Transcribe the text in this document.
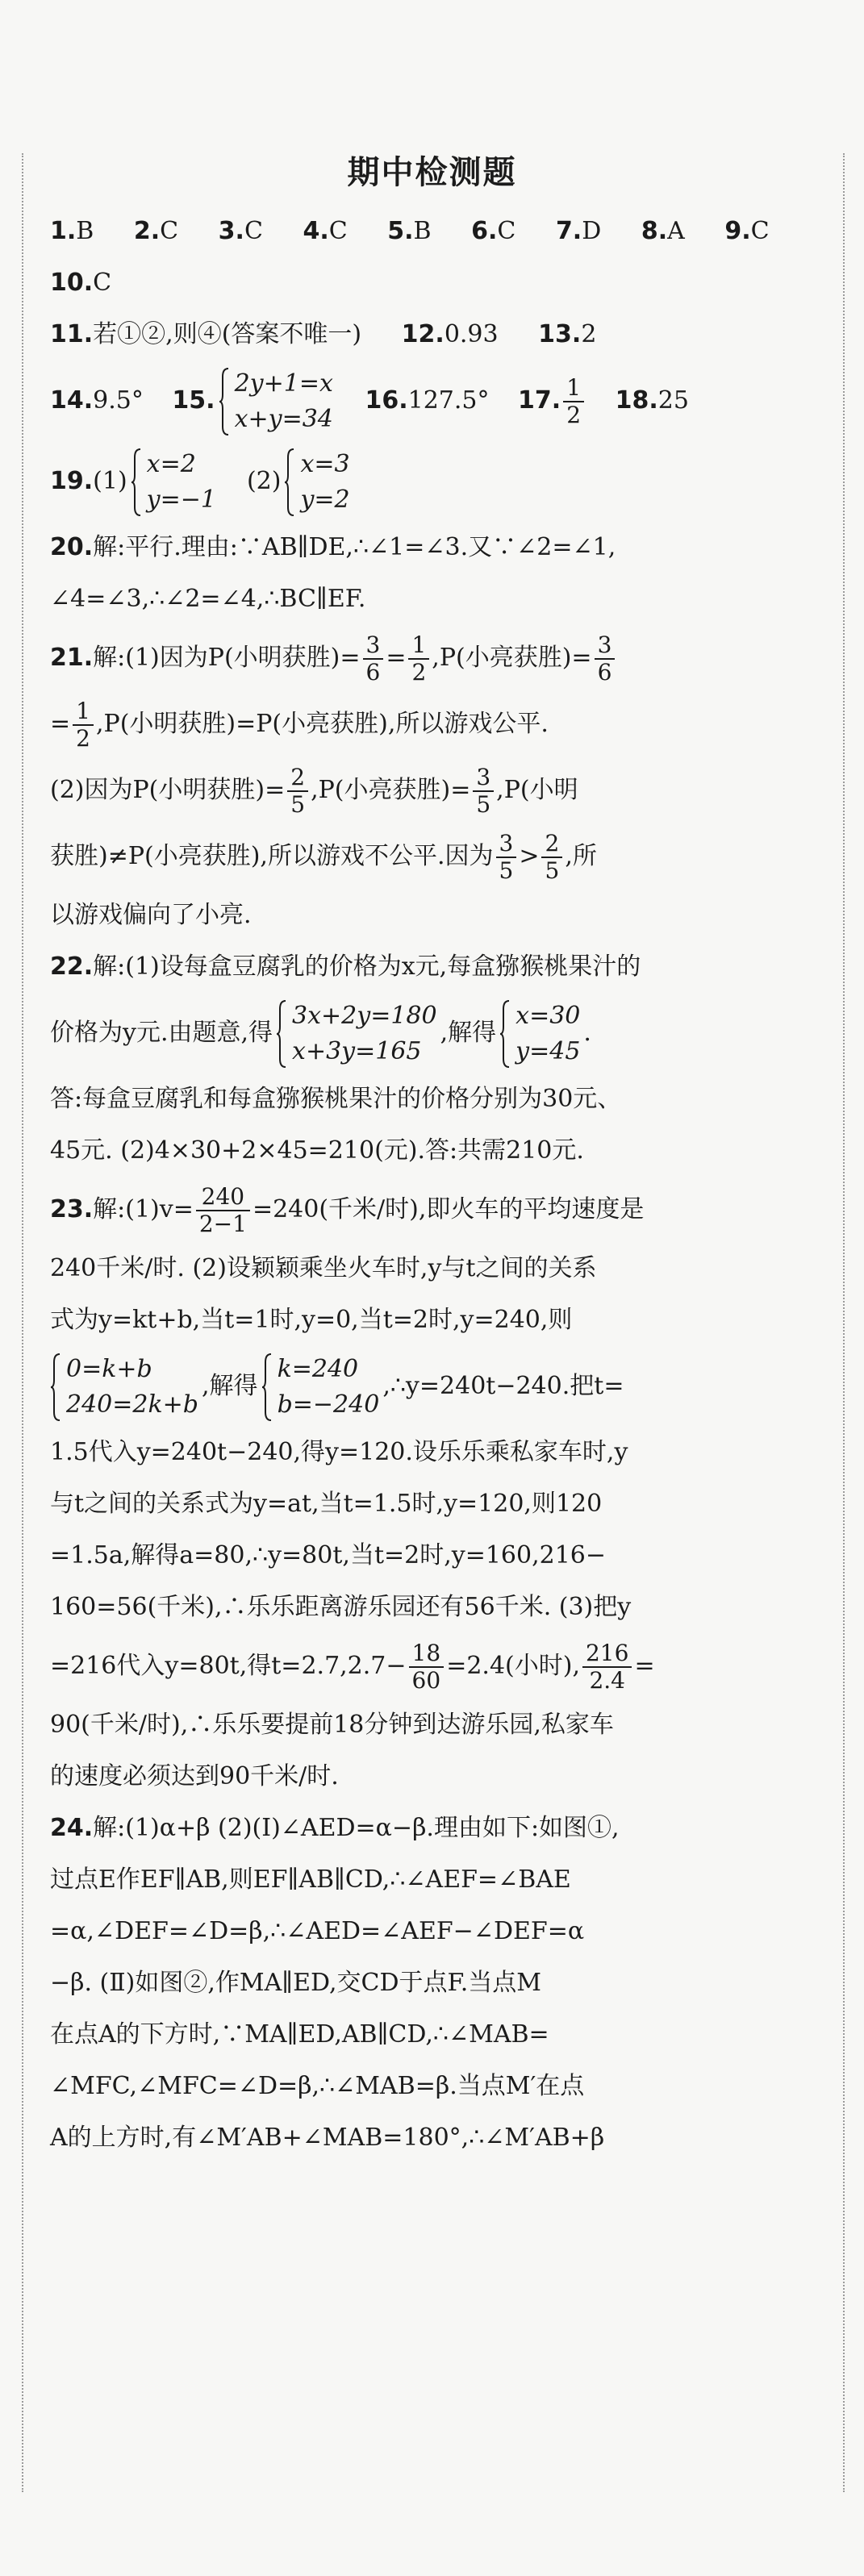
期中检测题
1.B 2.C 3.C 4.C 5.B 6.C 7.D 8.A 9.C
10.C
11.若①②,则④(答案不唯一) 12.0.93 13.2
14.9.5° 15.
2y+1=x
x+y=34
16.127.5° 17. $\frac{1}{2} 18.25$
19.(1)
x=2
y=−1
(2)
x=3
y=2
20.解:平行.理由:∵AB∥DE,∴∠1=∠3.又∵∠2=∠1,
∠4=∠3,∴∠2=∠4,∴BC∥EF.
21.解:(1)因为P(小明获胜)= $\frac{3}{6} = \frac{1}{2} ,P$(小亮获胜)= $\frac{3}{6}$
= $\frac{1}{2} ,P$(小明获胜)=P(小亮获胜),所以游戏公平.
(2)因为P(小明获胜)= $\frac{2}{5} ,P$(小亮获胜)= $\frac{3}{5} ,P$(小明
获胜)≠P(小亮获胜),所以游戏不公平.因为 $\frac{3}{5} > \frac{2}{5}$ ,所
以游戏偏向了小亮.
22.解:(1)设每盒豆腐乳的价格为x元,每盒猕猴桃果汁的
价格为y元.由题意,得
3x+2y=180
x+3y=165
,解得
x=30
y=45
.
答:每盒豆腐乳和每盒猕猴桃果汁的价格分别为30元、
45元. (2)4×30+2×45=210(元).答:共需210元.
23.解:(1)v= $\frac{240}{2-1} =240$(千米/时),即火车的平均速度是
240千米/时. (2)设颖颖乘坐火车时,y与t之间的关系
式为y=kt+b,当t=1时,y=0,当t=2时,y=240,则
0=k+b
240=2k+b
,解得
k=240
b=−240
,∴y=240t−240.把t=
1.5代入y=240t−240,得y=120.设乐乐乘私家车时,y
与t之间的关系式为y=at,当t=1.5时,y=120,则120
=1.5a,解得a=80,∴y=80t,当t=2时,y=160,216−
160=56(千米),∴乐乐距离游乐园还有56千米. (3)把y
=216代入y=80t,得$t=2.7,2.7- \frac{18}{60} =2.4$(小时), $\frac{216}{2.4}$ =
90(千米/时),∴乐乐要提前18分钟到达游乐园,私家车
的速度必须达到90千米/时.
24.解:(1)α+β (2)(Ⅰ)∠AED=α−β.理由如下:如图①,
过点E作EF∥AB,则EF∥AB∥CD,∴∠AEF=∠BAE
=α,∠DEF=∠D=β,∴∠AED=∠AEF−∠DEF=α
−β. (Ⅱ)如图②,作MA∥ED,交CD于点F.当点M
在点A的下方时,∵MA∥ED,AB∥CD,∴∠MAB=
∠MFC,∠MFC=∠D=β,∴∠MAB=β.当点M′在点
A的上方时,有∠M′AB+∠MAB=180°,∴∠M′AB+β
